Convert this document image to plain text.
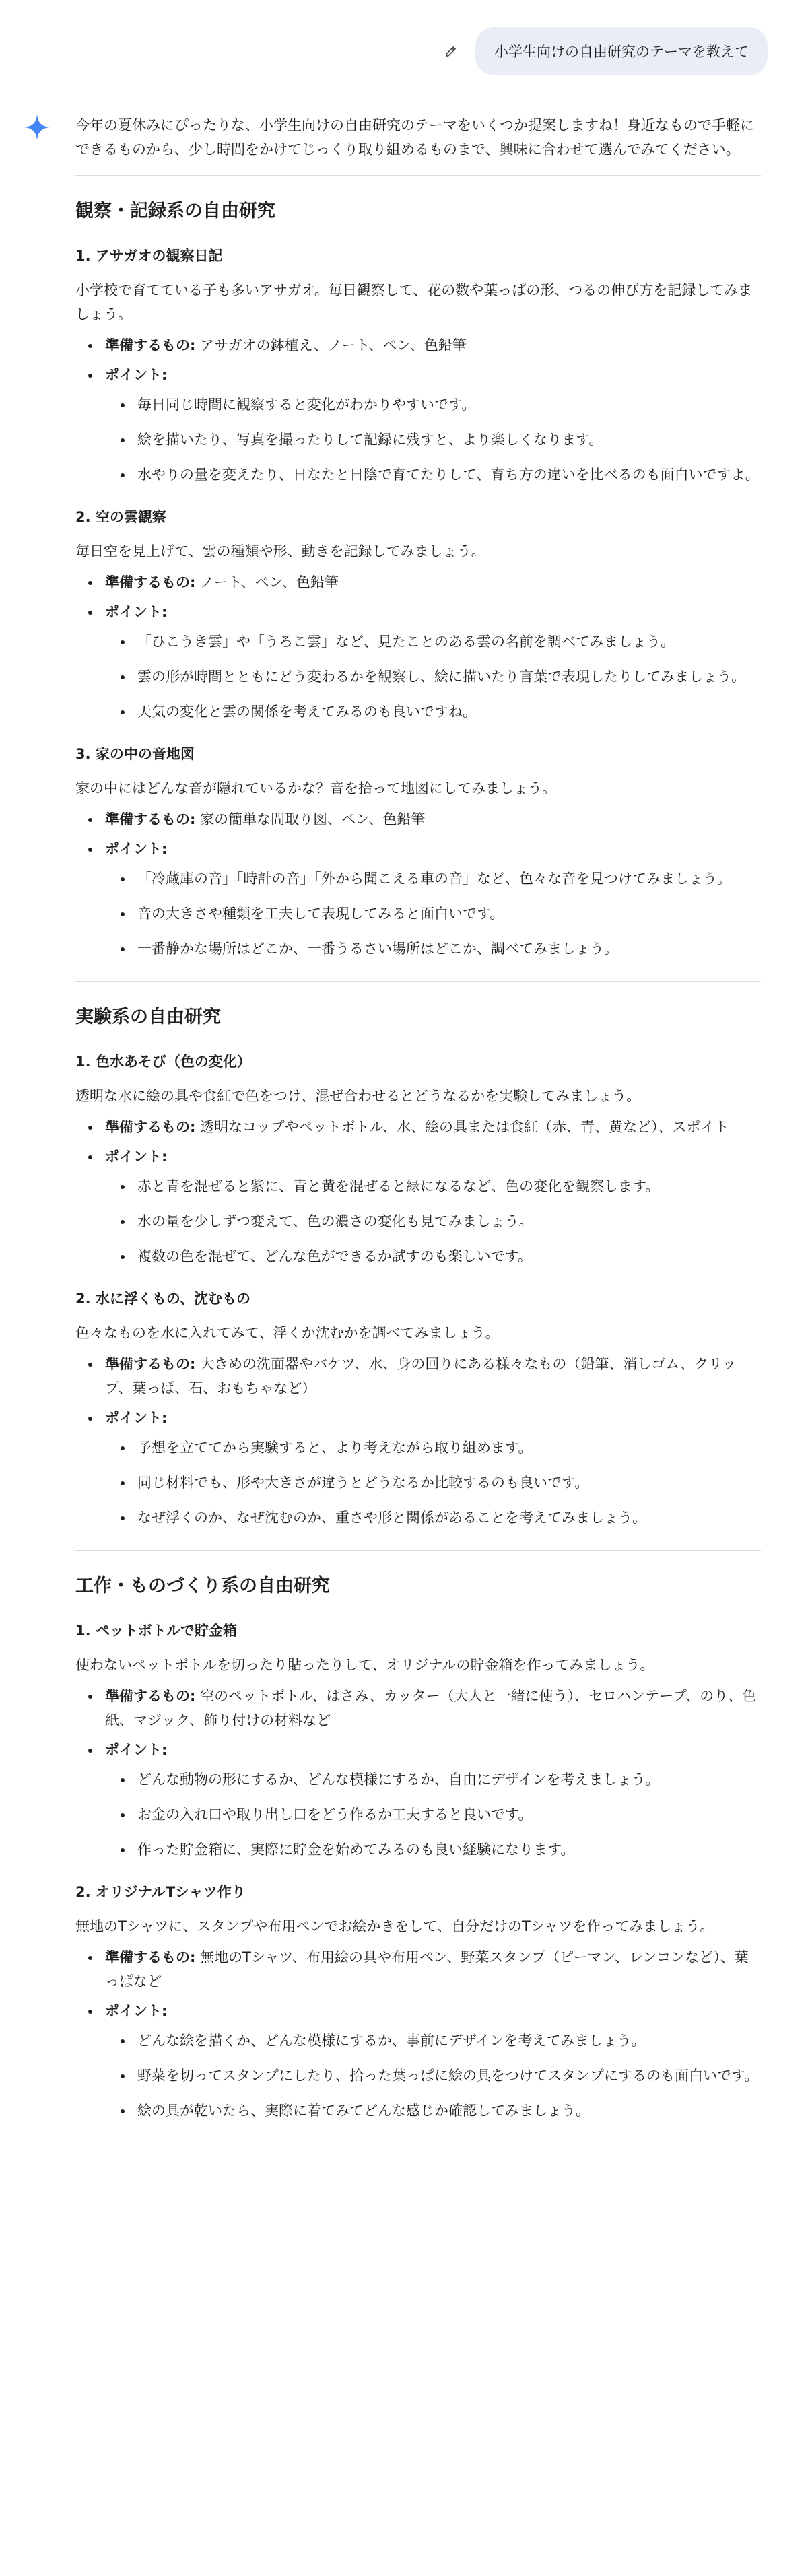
小学生向けの自由研究のテーマを教えて

今年の夏休みにぴったりな、小学生向けの自由研究のテーマをいくつか提案しますね！身近なもので手軽にできるものから、少し時間をかけてじっくり取り組めるものまで、興味に合わせて選んでみてください。

観察・記録系の自由研究
1. アサガオの観察日記

小学校で育てている子も多いアサガオ。毎日観察して、花の数や葉っぱの形、つるの伸び方を記録してみましょう。

• 準備するもの: アサガオの鉢植え、ノート、ペン、色鉛筆
• ポイント:
• 毎日同じ時間に観察すると変化がわかりやすいです。
• 絵を描いたり、写真を撮ったりして記録に残すと、より楽しくなります。
• 水やりの量を変えたり、日なたと日陰で育てたりして、育ち方の違いを比べるのも面白いですよ。
2. 空の雲観察

毎日空を見上げて、雲の種類や形、動きを記録してみましょう。

• 準備するもの: ノート、ペン、色鉛筆
• ポイント:
• 「ひこうき雲」や「うろこ雲」など、見たことのある雲の名前を調べてみましょう。
• 雲の形が時間とともにどう変わるかを観察し、絵に描いたり言葉で表現したりしてみましょう。
• 天気の変化と雲の関係を考えてみるのも良いですね。
3. 家の中の音地図

家の中にはどんな音が隠れているかな？音を拾って地図にしてみましょう。

• 準備するもの: 家の簡単な間取り図、ペン、色鉛筆
• ポイント:
• 「冷蔵庫の音」「時計の音」「外から聞こえる車の音」など、色々な音を見つけてみましょう。
• 音の大きさや種類を工夫して表現してみると面白いです。
• 一番静かな場所はどこか、一番うるさい場所はどこか、調べてみましょう。
実験系の自由研究
1. 色水あそび（色の変化）

透明な水に絵の具や食紅で色をつけ、混ぜ合わせるとどうなるかを実験してみましょう。

• 準備するもの: 透明なコップやペットボトル、水、絵の具または食紅（赤、青、黄など）、スポイト
• ポイント:
• 赤と青を混ぜると紫に、青と黄を混ぜると緑になるなど、色の変化を観察します。
• 水の量を少しずつ変えて、色の濃さの変化も見てみましょう。
• 複数の色を混ぜて、どんな色ができるか試すのも楽しいです。
2. 水に浮くもの、沈むもの

色々なものを水に入れてみて、浮くか沈むかを調べてみましょう。

• 準備するもの: 大きめの洗面器やバケツ、水、身の回りにある様々なもの（鉛筆、消しゴム、クリップ、葉っぱ、石、おもちゃなど）
• ポイント:
• 予想を立ててから実験すると、より考えながら取り組めます。
• 同じ材料でも、形や大きさが違うとどうなるか比較するのも良いです。
• なぜ浮くのか、なぜ沈むのか、重さや形と関係があることを考えてみましょう。
工作・ものづくり系の自由研究
1. ペットボトルで貯金箱

使わないペットボトルを切ったり貼ったりして、オリジナルの貯金箱を作ってみましょう。

• 準備するもの: 空のペットボトル、はさみ、カッター（大人と一緒に使う）、セロハンテープ、のり、色紙、マジック、飾り付けの材料など
• ポイント:
• どんな動物の形にするか、どんな模様にするか、自由にデザインを考えましょう。
• お金の入れ口や取り出し口をどう作るか工夫すると良いです。
• 作った貯金箱に、実際に貯金を始めてみるのも良い経験になります。
2. オリジナルTシャツ作り

無地のTシャツに、スタンプや布用ペンでお絵かきをして、自分だけのTシャツを作ってみましょう。

• 準備するもの: 無地のTシャツ、布用絵の具や布用ペン、野菜スタンプ（ピーマン、レンコンなど）、葉っぱなど
• ポイント:
• どんな絵を描くか、どんな模様にするか、事前にデザインを考えてみましょう。
• 野菜を切ってスタンプにしたり、拾った葉っぱに絵の具をつけてスタンプにするのも面白いです。
• 絵の具が乾いたら、実際に着てみてどんな感じか確認してみましょう。
